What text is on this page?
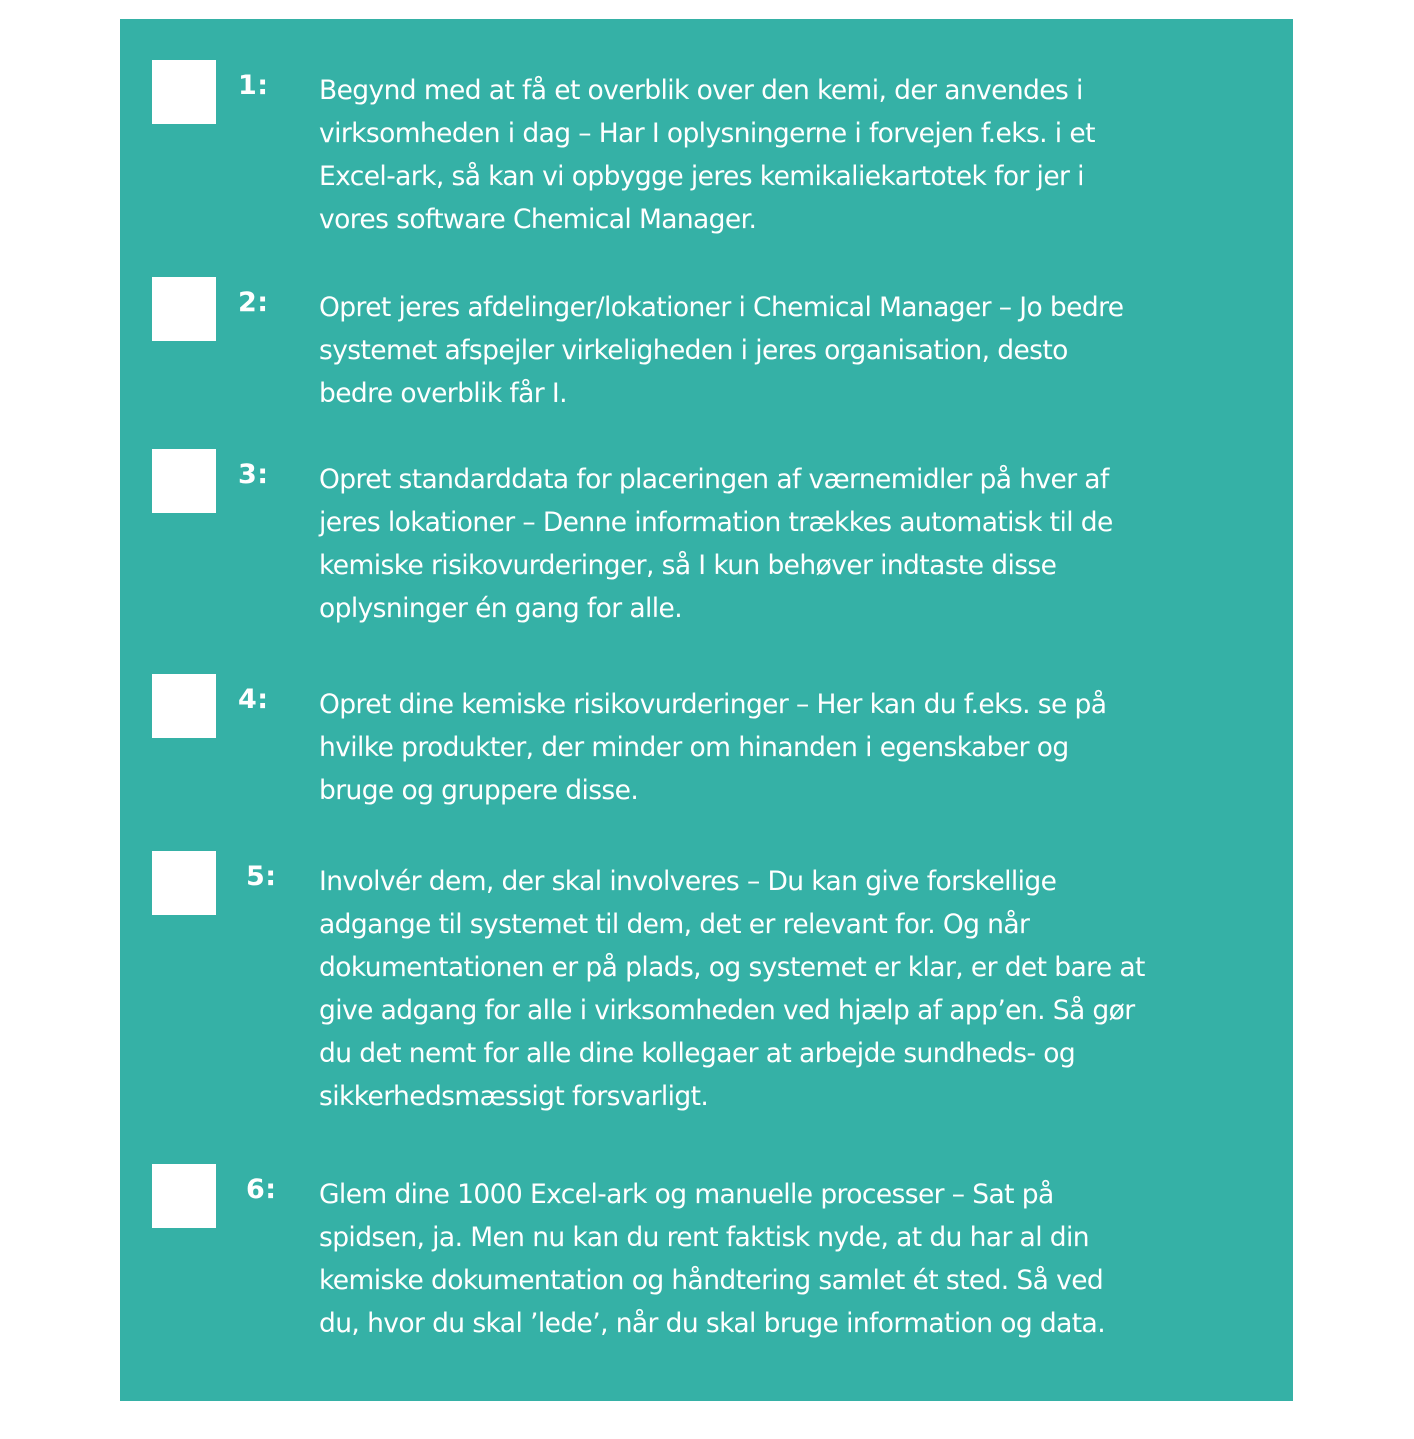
1: Begynd med at få et overblik over den kemi, der anvendes i
virksomheden i dag – Har I oplysningerne i forvejen f.eks. i et
Excel-ark, så kan vi opbygge jeres kemikaliekartotek for jer i
vores software Chemical Manager.
2: Opret jeres afdelinger/lokationer i Chemical Manager – Jo bedre
systemet afspejler virkeligheden i jeres organisation, desto
bedre overblik får I.
3: Opret standarddata for placeringen af værnemidler på hver af
jeres lokationer – Denne information trækkes automatisk til de
kemiske risikovurderinger, så I kun behøver indtaste disse
oplysninger én gang for alle.
4: Opret dine kemiske risikovurderinger – Her kan du f.eks. se på
hvilke produkter, der minder om hinanden i egenskaber og
bruge og gruppere disse.
5: Involvér dem, der skal involveres – Du kan give forskellige
adgange til systemet til dem, det er relevant for. Og når
dokumentationen er på plads, og systemet er klar, er det bare at
give adgang for alle i virksomheden ved hjælp af app’en. Så gør
du det nemt for alle dine kollegaer at arbejde sundheds- og
sikkerhedsmæssigt forsvarligt.
6: Glem dine 1000 Excel-ark og manuelle processer – Sat på
spidsen, ja. Men nu kan du rent faktisk nyde, at du har al din
kemiske dokumentation og håndtering samlet ét sted. Så ved
du, hvor du skal ’lede’, når du skal bruge information og data.
